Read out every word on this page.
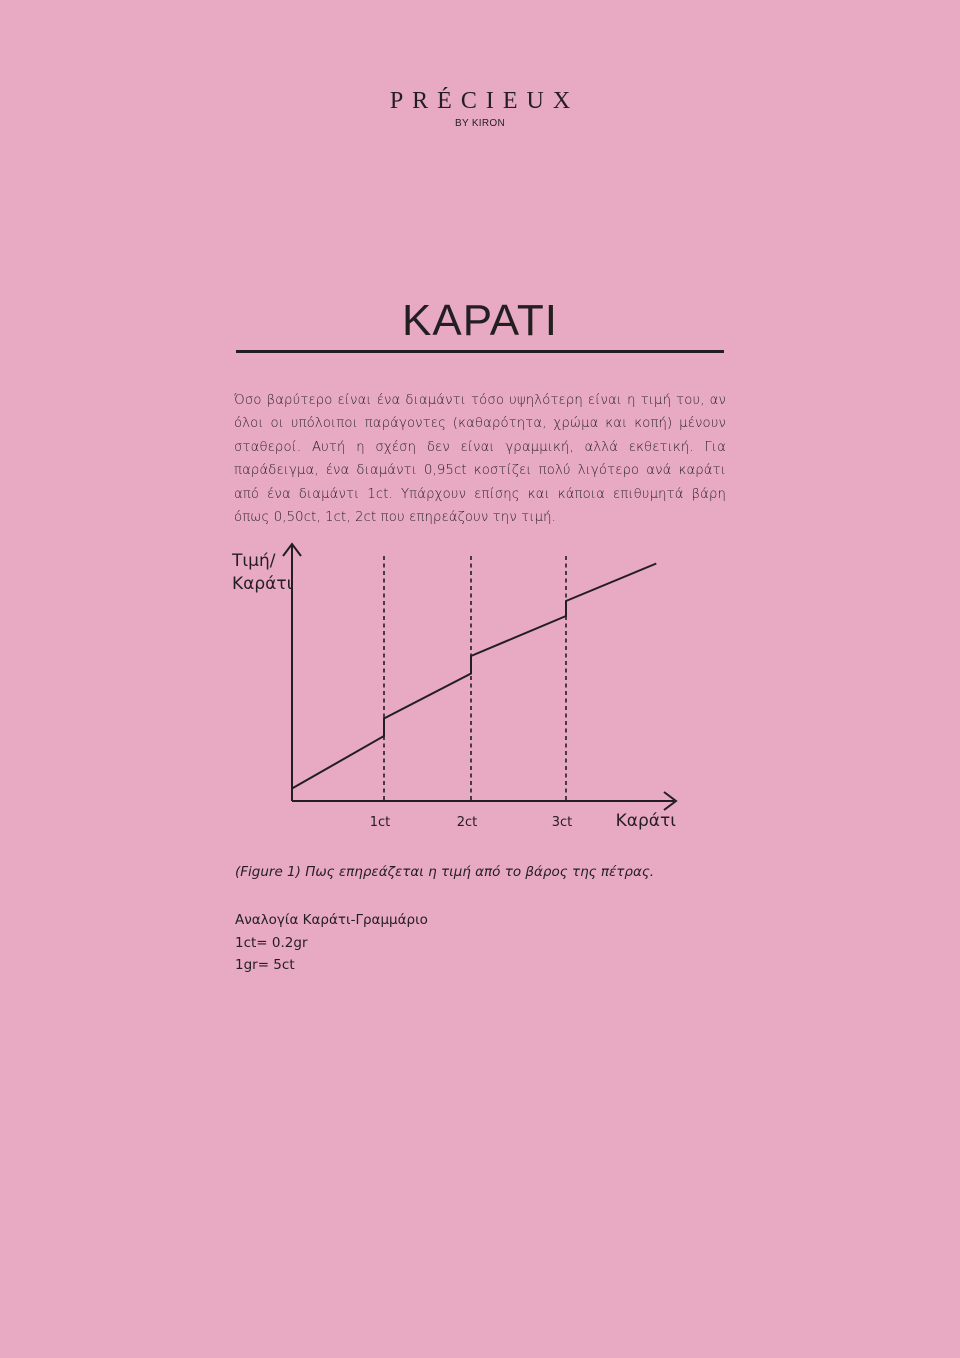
PRÉCIEUX
BY KIRON
ΚΑΡΑΤΙ

Όσο βαρύτερο είναι ένα διαμάντι τόσο υψηλότερη είναι η τιμή του, αν όλοι οι υπόλοιποι παράγοντες (καθαρότητα, χρώμα και κοπή) μένουν σταθεροί. Αυτή η σχέση δεν είναι γραμμική, αλλά εκθετική. Για παράδειγμα, ένα διαμάντι 0,95ct κοστίζει πολύ λιγότερο ανά καράτι από ένα διαμάντι 1ct. Υπάρχουν επίσης και κάποια επιθυμητά βάρη όπως 0,50ct, 1ct, 2ct που επηρεάζουν την τιμή.

1ct	2ct	3ct	Καράτι
Τιμή/
Καράτι

(Figure 1) Πως επηρεάζεται η τιμή από το βάρος της πέτρας.

Αναλογία Καράτι-Γραμμάριο
1ct= 0.2gr
1gr= 5ct
